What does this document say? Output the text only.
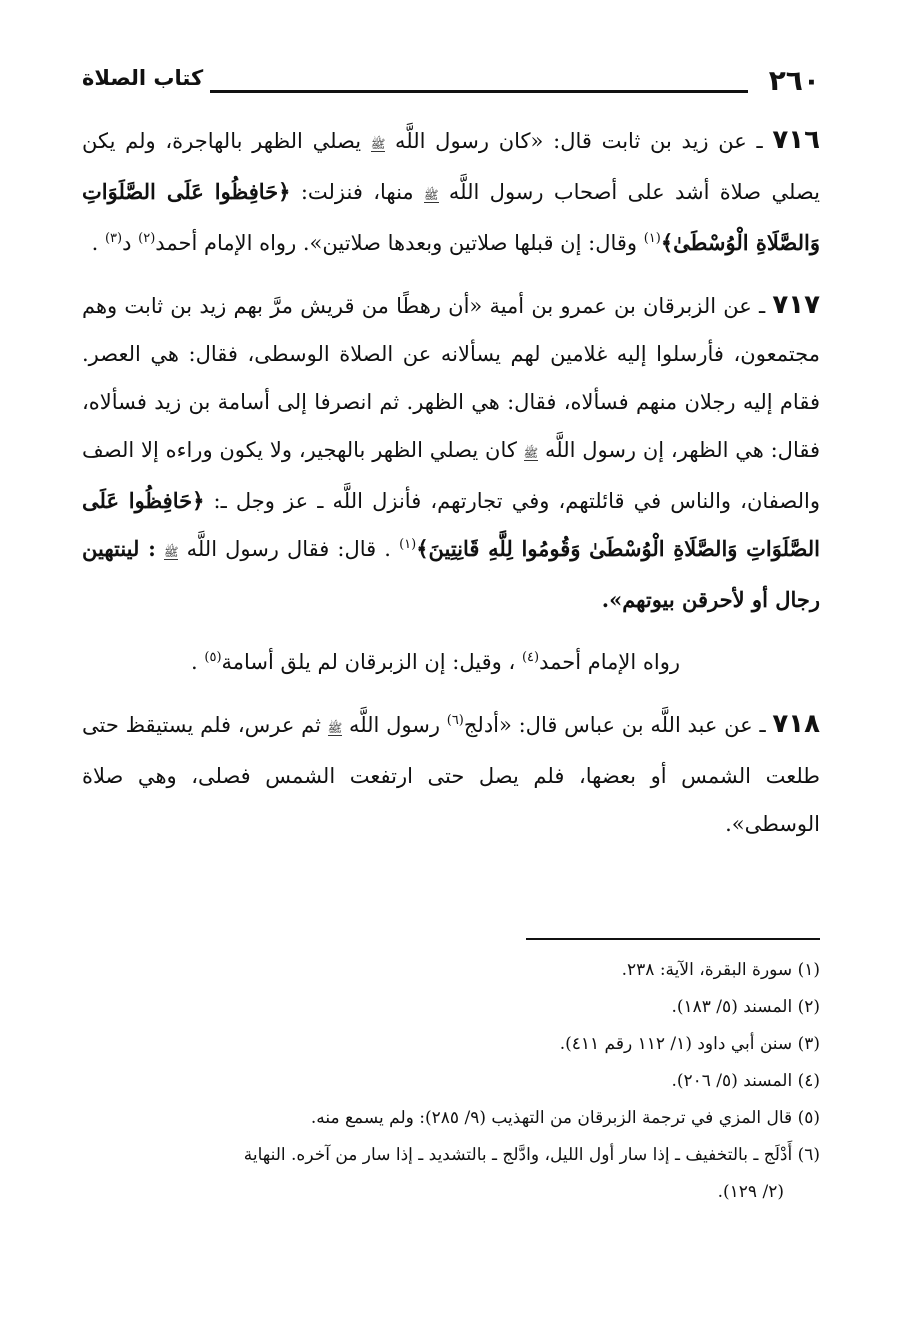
٢٦٠
كتاب الصلاة

٧١٦ ـ عن زيد بن ثابت قال: «كان رسول اللَّه ﷺ يصلي الظهر بالهاجرة، ولم يكن يصلي صلاة أشد على أصحاب رسول اللَّه ﷺ منها، فنزلت: ﴿حَافِظُوا عَلَى الصَّلَوَاتِ وَالصَّلَاةِ الْوُسْطَىٰ﴾$^{(١)}$ وقال: إن قبلها صلاتين وبعدها صلاتين». رواه الإمام أحمد$^{(٢)}$ د$^{(٣)}$ .

٧١٧ ـ عن الزبرقان بن عمرو بن أمية «أن رهطًا من قريش مرَّ بهم زيد بن ثابت وهم مجتمعون، فأرسلوا إليه غلامين لهم يسألانه عن الصلاة الوسطى، فقال: هي العصر. فقام إليه رجلان منهم فسألاه، فقال: هي الظهر. ثم انصرفا إلى أسامة بن زيد فسألاه، فقال: هي الظهر، إن رسول اللَّه ﷺ كان يصلي الظهر بالهجير، ولا يكون وراءه إلا الصف والصفان، والناس في قائلتهم، وفي تجارتهم، فأنزل اللَّه ـ عز وجل ـ: ﴿حَافِظُوا عَلَى الصَّلَوَاتِ وَالصَّلَاةِ الْوُسْطَىٰ وَقُومُوا لِلَّهِ قَانِتِينَ﴾$^{(١)}$ . قال: فقال رسول اللَّه ﷺ : لينتهين رجال أو لأحرقن بيوتهم».

رواه الإمام أحمد$^{(٤)}$ ، وقيل: إن الزبرقان لم يلق أسامة$^{(٥)}$ .

٧١٨ ـ عن عبد اللَّه بن عباس قال: «أدلج$^{(٦)}$ رسول اللَّه ﷺ ثم عرس، فلم يستيقظ حتى طلعت الشمس أو بعضها، فلم يصل حتى ارتفعت الشمس فصلى، وهي صلاة الوسطى».

(١) سورة البقرة، الآية: ٢٣٨.

(٢) المسند (٥/ ١٨٣).

(٣) سنن أبي داود (١/ ١١٢ رقم ٤١١).

(٤) المسند (٥/ ٢٠٦).

(٥) قال المزي في ترجمة الزبرقان من التهذيب (٩/ ٢٨٥): ولم يسمع منه.

(٦) أَدْلَج ـ بالتخفيف ـ إذا سار أول الليل، وادَّلج ـ بالتشديد ـ إذا سار من آخره. النهاية

(٢/ ١٢٩).
